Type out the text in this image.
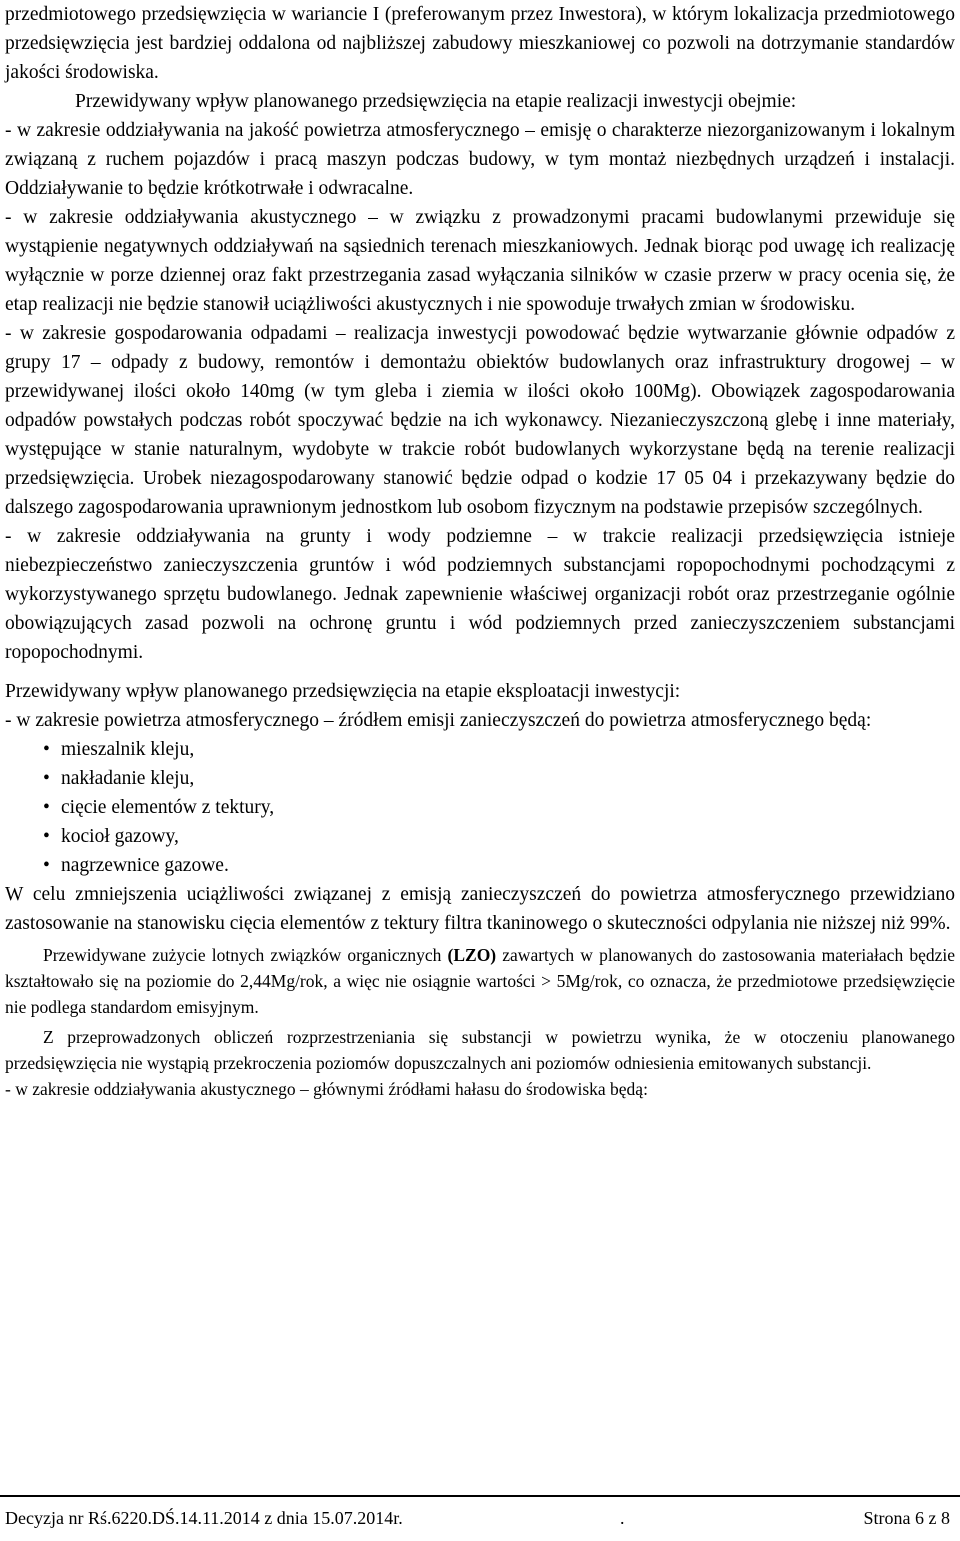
przedmiotowego przedsięwzięcia w wariancie I (preferowanym przez Inwestora), w którym lokalizacja przedmiotowego przedsięwzięcia jest bardziej oddalona od najbliższej zabudowy mieszkaniowej co pozwoli na dotrzymanie standardów jakości środowiska.

Przewidywany wpływ planowanego przedsięwzięcia na etapie realizacji inwestycji obejmie:

- w zakresie oddziaływania na jakość powietrza atmosferycznego – emisję o charakterze niezorganizowanym i lokalnym związaną z ruchem pojazdów i pracą maszyn podczas budowy, w tym montaż niezbędnych urządzeń i instalacji. Oddziaływanie to będzie krótkotrwałe i odwracalne.

- w zakresie oddziaływania akustycznego – w związku z prowadzonymi pracami budowlanymi przewiduje się wystąpienie negatywnych oddziaływań na sąsiednich terenach mieszkaniowych. Jednak biorąc pod uwagę ich realizację wyłącznie w porze dziennej oraz fakt przestrzegania zasad wyłączania silników w czasie przerw w pracy ocenia się, że etap realizacji nie będzie stanowił uciążliwości akustycznych i nie spowoduje trwałych zmian w środowisku.

- w zakresie gospodarowania odpadami – realizacja inwestycji powodować będzie wytwarzanie głównie odpadów z grupy 17 – odpady z budowy, remontów i demontażu obiektów budowlanych oraz infrastruktury drogowej – w przewidywanej ilości około 140mg (w tym gleba i ziemia w ilości około 100Mg). Obowiązek zagospodarowania odpadów powstałych podczas robót spoczywać będzie na ich wykonawcy. Niezanieczyszczoną glebę i inne materiały, występujące w stanie naturalnym, wydobyte w trakcie robót budowlanych wykorzystane będą na terenie realizacji przedsięwzięcia. Urobek niezagospodarowany stanowić będzie odpad o kodzie 17 05 04 i przekazywany będzie do dalszego zagospodarowania uprawnionym jednostkom lub osobom fizycznym na podstawie przepisów szczególnych.

- w zakresie oddziaływania na grunty i wody podziemne – w trakcie realizacji przedsięwzięcia istnieje niebezpieczeństwo zanieczyszczenia gruntów i wód podziemnych substancjami ropopochodnymi pochodzącymi z wykorzystywanego sprzętu budowlanego. Jednak zapewnienie właściwej organizacji robót oraz przestrzeganie ogólnie obowiązujących zasad pozwoli na ochronę gruntu i wód podziemnych przed zanieczyszczeniem substancjami ropopochodnymi.

Przewidywany wpływ planowanego przedsięwzięcia na etapie eksploatacji inwestycji:

- w zakresie powietrza atmosferycznego – źródłem emisji zanieczyszczeń do powietrza atmosferycznego będą:

• mieszalnik kleju,
• nakładanie kleju,
• cięcie elementów z tektury,
• kocioł gazowy,
• nagrzewnice gazowe.

W celu zmniejszenia uciążliwości związanej z emisją zanieczyszczeń do powietrza atmosferycznego przewidziano zastosowanie na stanowisku cięcia elementów z tektury filtra tkaninowego o skuteczności odpylania nie niższej niż 99%.

Przewidywane zużycie lotnych związków organicznych (LZO) zawartych w planowanych do zastosowania materiałach będzie kształtowało się na poziomie do 2,44Mg/rok, a więc nie osiągnie wartości > 5Mg/rok, co oznacza, że przedmiotowe przedsięwzięcie nie podlega standardom emisyjnym.

Z przeprowadzonych obliczeń rozprzestrzeniania się substancji w powietrzu wynika, że w otoczeniu planowanego przedsięwzięcia nie wystąpią przekroczenia poziomów dopuszczalnych ani poziomów odniesienia emitowanych substancji.

- w zakresie oddziaływania akustycznego – głównymi źródłami hałasu do środowiska będą:

Decyzja nr Rś.6220.DŚ.14.11.2014 z dnia 15.07.2014r.	.	Strona 6 z 8
